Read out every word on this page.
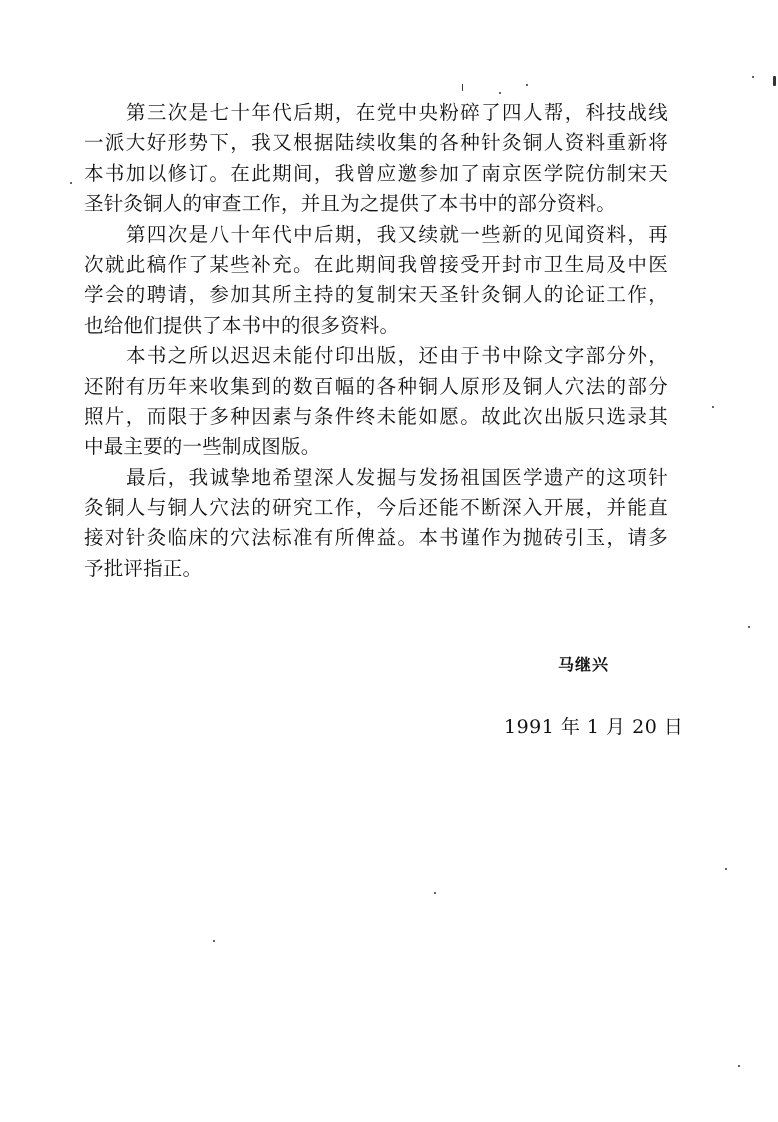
第三次是七十年代后期，在党中央粉碎了四人帮，科技战线
一派大好形势下，我又根据陆续收集的各种针灸铜人资料重新将
本书加以修订。在此期间，我曾应邀参加了南京医学院仿制宋天
圣针灸铜人的审查工作，并且为之提供了本书中的部分资料。
第四次是八十年代中后期，我又续就一些新的见闻资料，再
次就此稿作了某些补充。在此期间我曾接受开封市卫生局及中医
学会的聘请，参加其所主持的复制宋天圣针灸铜人的论证工作，
也给他们提供了本书中的很多资料。
本书之所以迟迟未能付印出版，还由于书中除文字部分外，
还附有历年来收集到的数百幅的各种铜人原形及铜人穴法的部分
照片，而限于多种因素与条件终未能如愿。故此次出版只选录其
中最主要的一些制成图版。
最后，我诚挚地希望深人发掘与发扬祖国医学遗产的这项针
灸铜人与铜人穴法的研究工作，今后还能不断深入开展，并能直
接对针灸临床的穴法标准有所俾益。本书谨作为抛砖引玉，请多
予批评指正。
马继兴
1991 年 1 月 20 日
